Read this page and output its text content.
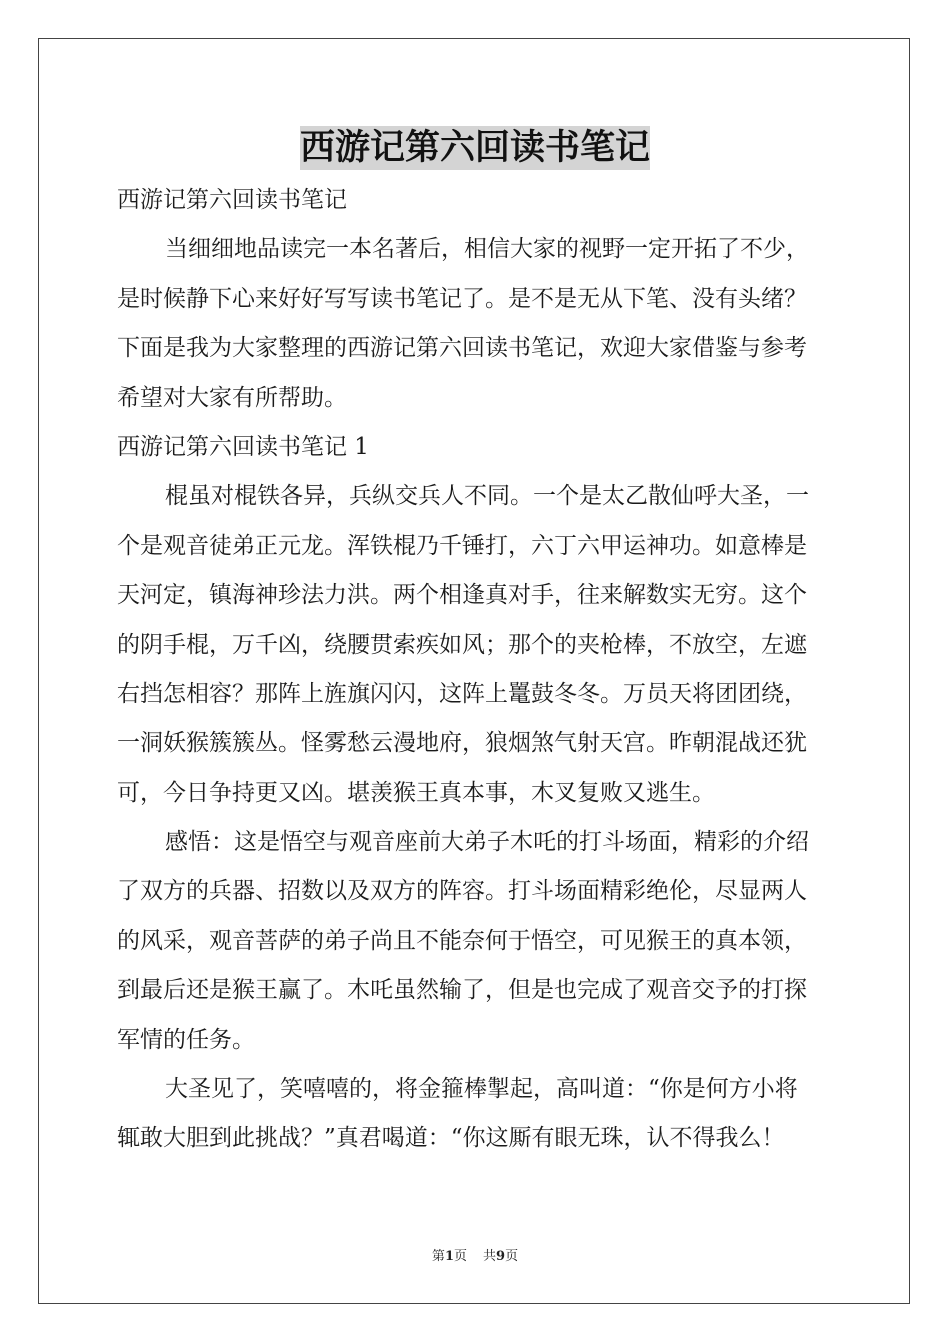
西游记第六回读书笔记
西游记第六回读书笔记
当细细地品读完一本名著后，相信大家的视野一定开拓了不少，
是时候静下心来好好写写读书笔记了。是不是无从下笔、没有头绪？
下面是我为大家整理的西游记第六回读书笔记，欢迎大家借鉴与参考
希望对大家有所帮助。
西游记第六回读书笔记 1
棍虽对棍铁各异，兵纵交兵人不同。一个是太乙散仙呼大圣，一
个是观音徒弟正元龙。浑铁棍乃千锤打，六丁六甲运神功。如意棒是
天河定，镇海神珍法力洪。两个相逢真对手，往来解数实无穷。这个
的阴手棍，万千凶，绕腰贯索疾如风；那个的夹枪棒，不放空，左遮
右挡怎相容？那阵上旌旗闪闪，这阵上鼍鼓冬冬。万员天将团团绕，
一洞妖猴簇簇丛。怪雾愁云漫地府，狼烟煞气射天宫。昨朝混战还犹
可，今日争持更又凶。堪羡猴王真本事，木叉复败又逃生。
感悟：这是悟空与观音座前大弟子木吒的打斗场面，精彩的介绍
了双方的兵器、招数以及双方的阵容。打斗场面精彩绝伦，尽显两人
的风采，观音菩萨的弟子尚且不能奈何于悟空，可见猴王的真本领，
到最后还是猴王赢了。木吒虽然输了，但是也完成了观音交予的打探
军情的任务。
大圣见了，笑嘻嘻的，将金箍棒掣起，高叫道：“你是何方小将
辄敢大胆到此挑战？”真君喝道：“你这厮有眼无珠，认不得我么！
第1页 共9页
